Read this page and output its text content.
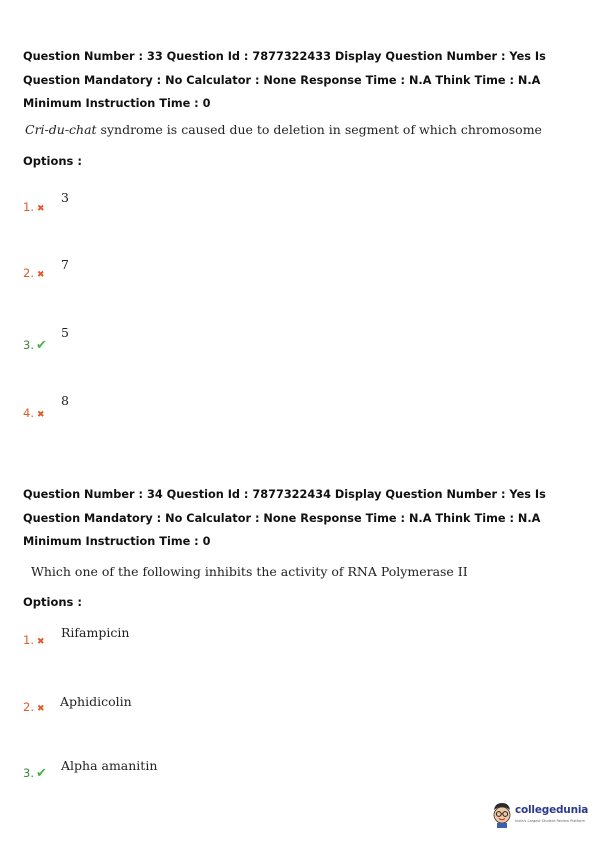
Question Number : 33 Question Id : 7877322433 Display Question Number : Yes Is Question Mandatory : No Calculator : None Response Time : N.A Think Time : N.A Minimum Instruction Time : 0
Cri-du-chat syndrome is caused due to deletion in segment of which chromosome
Options :
1. ✖
3
2. ✖
7
3. ✔
5
4. ✖
8
Question Number : 34 Question Id : 7877322434 Display Question Number : Yes Is Question Mandatory : No Calculator : None Response Time : N.A Think Time : N.A Minimum Instruction Time : 0
Which one of the following inhibits the activity of RNA Polymerase II
Options :
1. ✖
Rifampicin
2. ✖ Aphidicolin
3. ✔
Alpha amanitin
collegedunia
India's Largest Student Review Platform
